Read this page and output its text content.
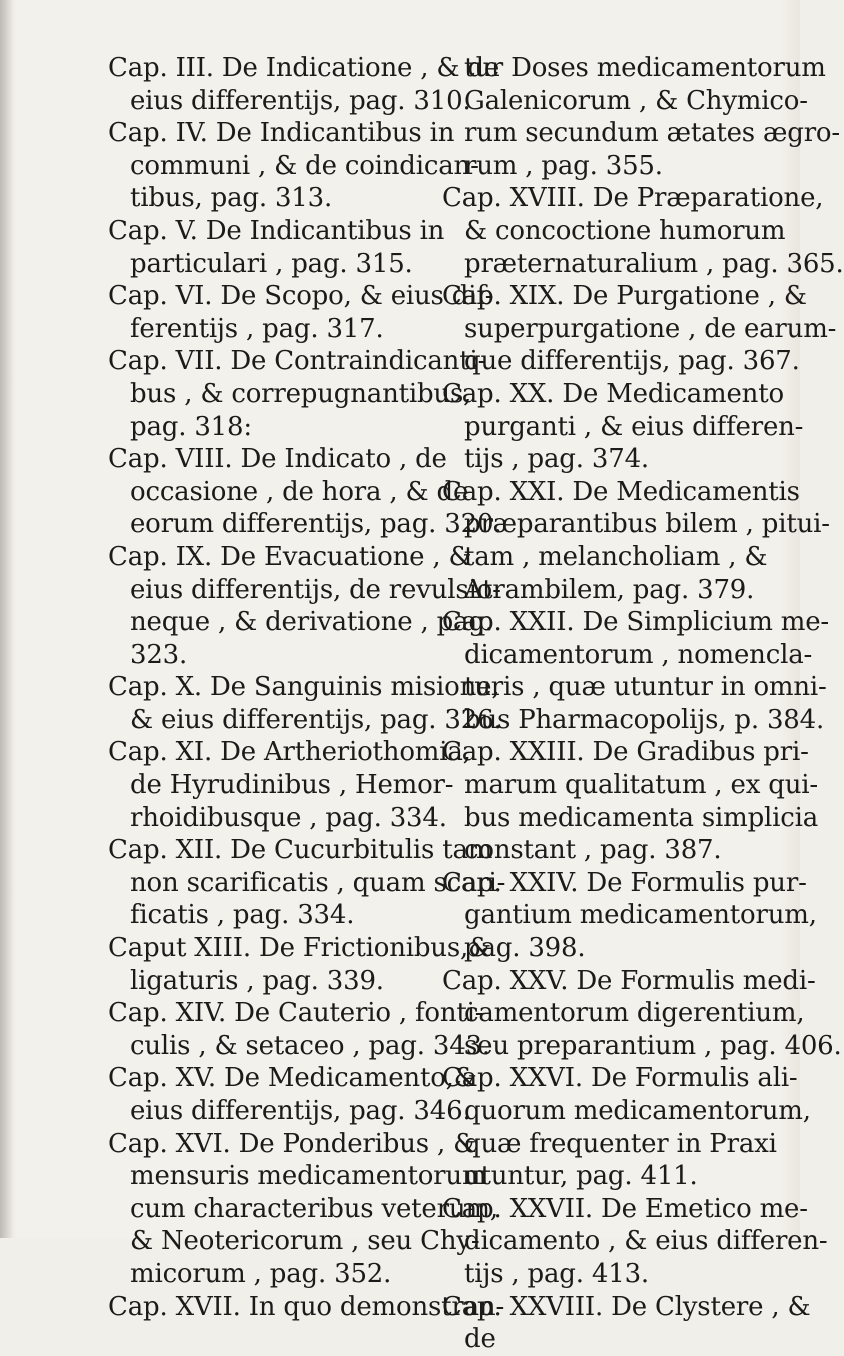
Cap. III. De Indicatione , & de
eius differentijs, pag. 310.
Cap. IV. De Indicantibus in
communi , & de coindican-
tibus, pag. 313.
Cap. V. De Indicantibus in
particulari , pag. 315.
Cap. VI. De Scopo, & eius dif-
ferentijs , pag. 317.
Cap. VII. De Contraindicanti-
bus , & correpugnantibus,
pag. 318:
Cap. VIII. De Indicato , de
occasione , de hora , & de
eorum differentijs, pag. 320.
Cap. IX. De Evacuatione , &
eius differentijs, de revulsio-
neque , & derivatione , pag.
323.
Cap. X. De Sanguinis misione,
& eius differentijs, pag. 326.
Cap. XI. De Artheriothomia,
de Hyrudinibus , Hemor-
rhoidibusque , pag. 334.
Cap. XII. De Cucurbitulis tam
non scarificatis , quam scari-
ficatis , pag. 334.
Caput XIII. De Frictionibus,&
ligaturis , pag. 339.
Cap. XIV. De Cauterio , fonti-
culis , & setaceo , pag. 343.
Cap. XV. De Medicamento,&
eius differentijs, pag. 346.
Cap. XVI. De Ponderibus , &
mensuris medicamentorum
cum characteribus veterum,
& Neotericorum , seu Chy-
micorum , pag. 352.
Cap. XVII. In quo demonstran-
tur Doses medicamentorum
Galenicorum , & Chymico-
rum secundum ætates ægro-
rum , pag. 355.
Cap. XVIII. De Præparatione,
& concoctione humorum
præternaturalium , pag. 365.
Cap. XIX. De Purgatione , &
superpurgatione , de earum-
que differentijs, pag. 367.
Cap. XX. De Medicamento
purganti , & eius differen-
tijs , pag. 374.
Cap. XXI. De Medicamentis
præparantibus bilem , pitui-
tam , melancholiam , &
Atrambilem, pag. 379.
Cap. XXII. De Simplicium me-
dicamentorum , nomencla-
turis , quæ utuntur in omni-
bus Pharmacopolijs, p. 384.
Cap. XXIII. De Gradibus pri-
marum qualitatum , ex qui-
bus medicamenta simplicia
constant , pag. 387.
Cap. XXIV. De Formulis pur-
gantium medicamentorum,
pag. 398.
Cap. XXV. De Formulis medi-
camentorum digerentium,
seu preparantium , pag. 406.
Cap. XXVI. De Formulis ali-
quorum medicamentorum,
quæ frequenter in Praxi
utuntur, pag. 411.
Cap. XXVII. De Emetico me-
dicamento , & eius differen-
tijs , pag. 413.
Cap. XXVIII. De Clystere , &
de
